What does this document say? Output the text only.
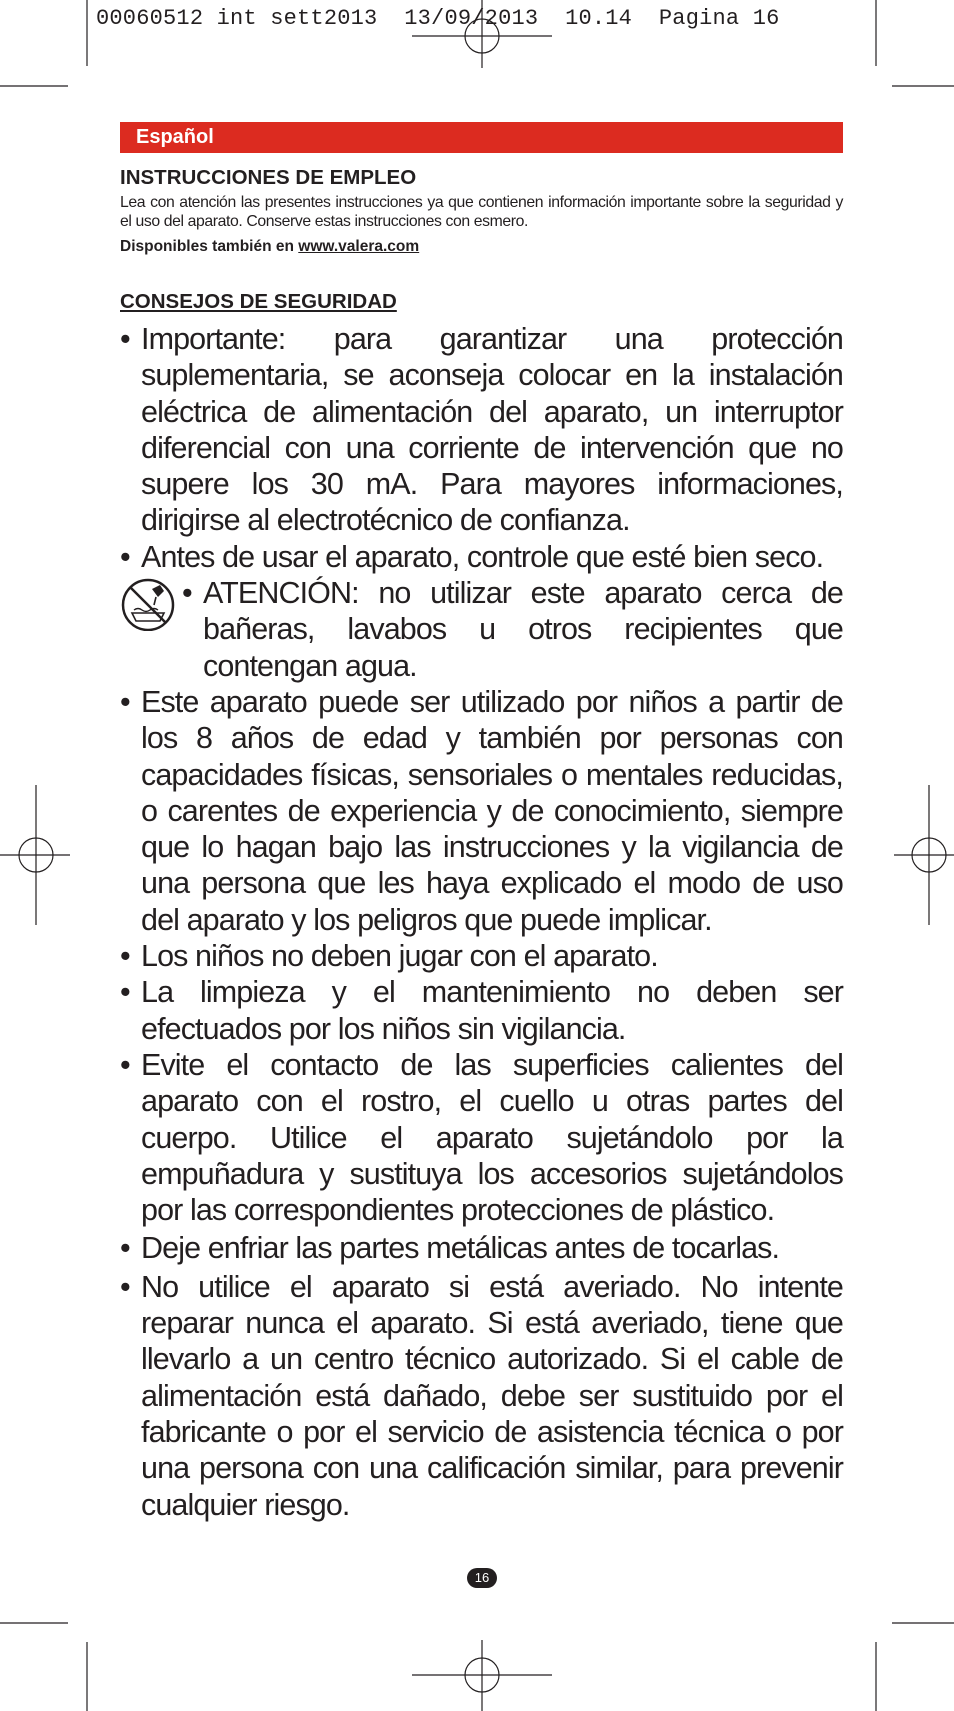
00060512 int sett2013  13/09/2013  10.14  Pagina 16
Español
INSTRUCCIONES DE EMPLEO
Lea con atención las presentes instrucciones ya que contienen información importante sobre la seguridad y el uso del aparato. Conserve estas instrucciones con esmero.
Disponibles también en www.valera.com
CONSEJOS DE SEGURIDAD
• Importante: para garantizar una protección suplementaria, se aconseja colocar en la instalación eléctrica de alimentación del aparato, un interruptor diferencial con una corriente de intervención que no supere los 30 mA. Para mayores informaciones, dirigirse al electrotécnico de confianza.
• Antes de usar el aparato, controle que esté bien seco.
• ATENCIÓN: no utilizar este aparato cerca de bañeras, lavabos u otros recipientes que contengan agua.
• Este aparato puede ser utilizado por niños a partir de los 8 años de edad y también por personas con capacidades físicas, sensoriales o mentales reducidas, o carentes de experiencia y de conocimiento, siempre que lo hagan bajo las instrucciones y la vigilancia de una persona que les haya explicado el modo de uso del aparato y los peligros que puede implicar.
• Los niños no deben jugar con el aparato.
• La limpieza y el mantenimiento no deben ser efectuados por los niños sin vigilancia.
• Evite el contacto de las superficies calientes del aparato con el rostro, el cuello u otras partes del cuerpo. Utilice el aparato sujetándolo por la empuñadura y sustituya los accesorios sujetándolos por las correspondientes protecciones de plástico.
• Deje enfriar las partes metálicas antes de tocarlas.
• No utilice el aparato si está averiado. No intente reparar nunca el aparato. Si está averiado, tiene que llevarlo a un centro técnico autorizado. Si el cable de alimentación está dañado, debe ser sustituido por el fabricante o por el servicio de asistencia técnica o por una persona con una calificación similar, para prevenir cualquier riesgo.
16
